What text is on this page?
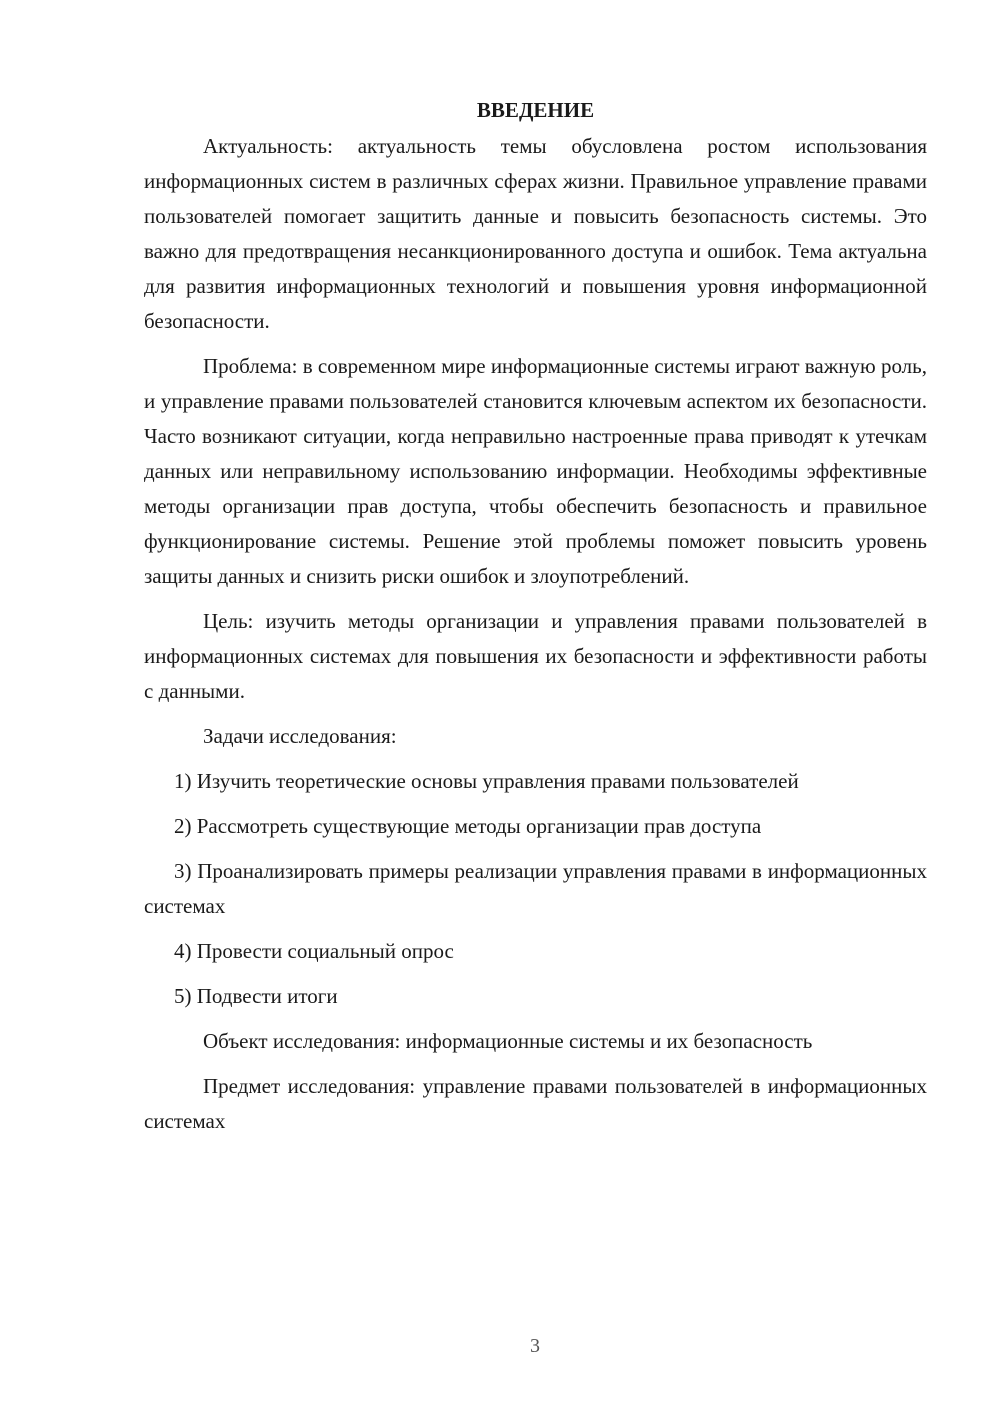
ВВЕДЕНИЕ

Актуальность: актуальность темы обусловлена ростом использования информационных систем в различных сферах жизни. Правильное управление правами пользователей помогает защитить данные и повысить безопасность системы. Это важно для предотвращения несанкционированного доступа и ошибок. Тема актуальна для развития информационных технологий и повышения уровня информационной безопасности.

Проблема: в современном мире информационные системы играют важную роль, и управление правами пользователей становится ключевым аспектом их безопасности. Часто возникают ситуации, когда неправильно настроенные права приводят к утечкам данных или неправильному использованию информации. Необходимы эффективные методы организации прав доступа, чтобы обеспечить безопасность и правильное функционирование системы. Решение этой проблемы поможет повысить уровень защиты данных и снизить риски ошибок и злоупотреблений.

Цель: изучить методы организации и управления правами пользователей в информационных системах для повышения их безопасности и эффективности работы с данными.

Задачи исследования:

1) Изучить теоретические основы управления правами пользователей

2) Рассмотреть существующие методы организации прав доступа

3) Проанализировать примеры реализации управления правами в информационных системах

4) Провести социальный опрос

5) Подвести итоги

Объект исследования: информационные системы и их безопасность

Предмет исследования: управление правами пользователей в информационных системах

3
